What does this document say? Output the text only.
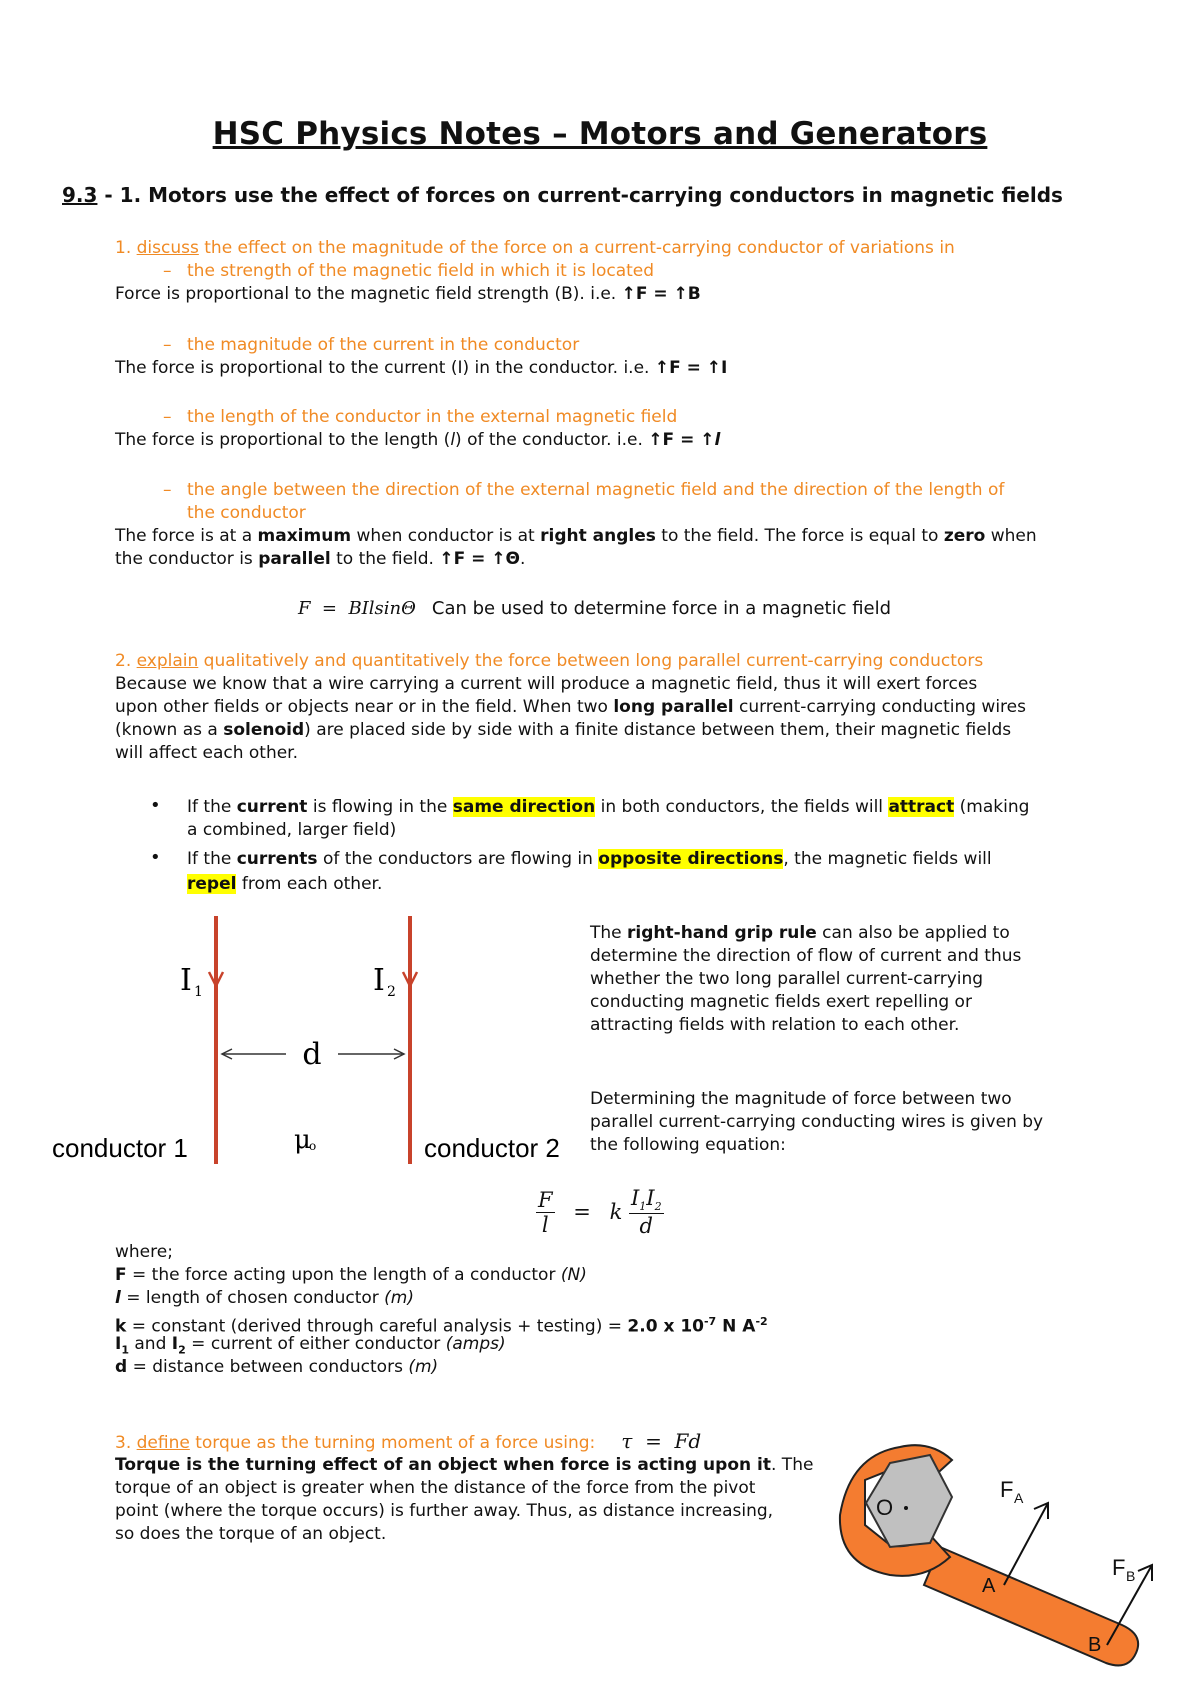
HSC Physics Notes – Motors and Generators
9.3 - 1. Motors use the effect of forces on current-carrying conductors in magnetic fields
1. discuss the effect on the magnitude of the force on a current-carrying conductor of variations in
– the strength of the magnetic field in which it is located
Force is proportional to the magnetic field strength (B). i.e. ↑F = ↑B
– the magnitude of the current in the conductor
The force is proportional to the current (I) in the conductor. i.e. ↑F = ↑I
– the length of the conductor in the external magnetic field
The force is proportional to the length (l) of the conductor. i.e. ↑F = ↑l
– the angle between the direction of the external magnetic field and the direction of the length of
the conductor
The force is at a maximum when conductor is at right angles to the field. The force is equal to zero when
the conductor is parallel to the field. ↑F = ↑Θ.
F  =  BIlsinΘ Can be used to determine force in a magnetic field
2. explain qualitatively and quantitatively the force between long parallel current-carrying conductors
Because we know that a wire carrying a current will produce a magnetic field, thus it will exert forces
upon other fields or objects near or in the field. When two long parallel current-carrying conducting wires
(known as a solenoid) are placed side by side with a finite distance between them, their magnetic fields
will affect each other.
• If the current is flowing in the same direction in both conductors, the fields will attract (making
a combined, larger field)
• If the currents of the conductors are flowing in opposite directions, the magnetic fields will
repel from each other.
I 1	I 2
d
μ
o
conductor 1	conductor 2
The right-hand grip rule can also be applied to
determine the direction of flow of current and thus
whether the two long parallel current-carrying
conducting magnetic fields exert repelling or
attracting fields with relation to each other.
Determining the magnitude of force between two
parallel current-carrying conducting wires is given by
the following equation:
$\frac{F}{l} = k \frac{I_1I_2}{d}$
where;
F = the force acting upon the length of a conductor (N)
l = length of chosen conductor (m)
k = constant (derived through careful analysis + testing) = 2.0 x $10^{-7}$ N $A^{-2}$
$I_1$ and $I_2$ = current of either conductor (amps)
d = distance between conductors (m)
3. define torque as the turning moment of a force using: τ  =  Fd
Torque is the turning effect of an object when force is acting upon it. The
torque of an object is greater when the distance of the force from the pivot
point (where the torque occurs) is further away. Thus, as distance increasing,
so does the torque of an object.
O
F A
A
F B
B
